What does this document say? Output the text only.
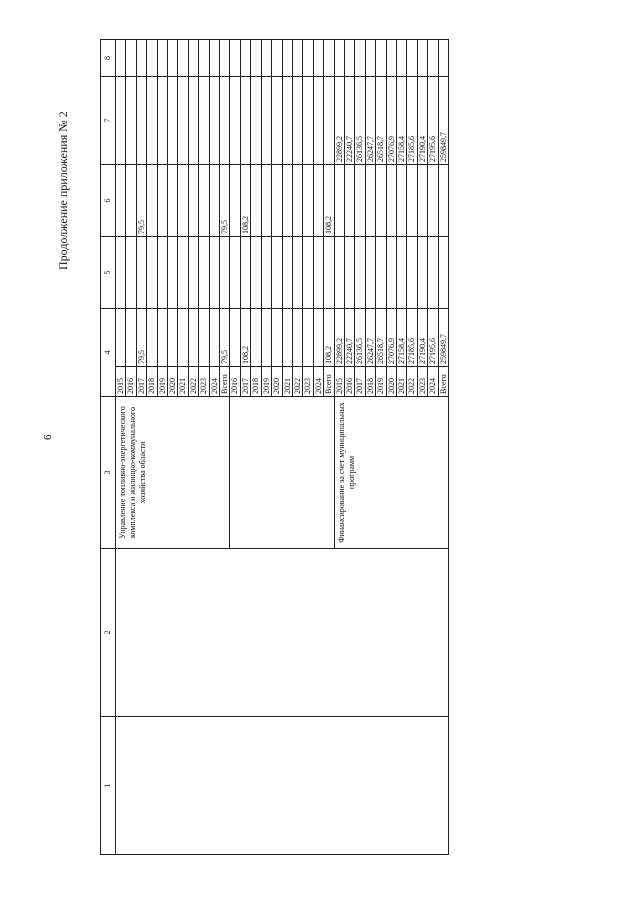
6
Продолжение приложения № 2
1	2	3	4		5	6	7	8
		Управление топливно-энергетического комплекса и жилищно-коммунального хозяйства области	2015					
			2016					
			2017	79,5		79,5		
			2018					
			2019					
			2020					
			2021					
			2022					
			2023					
			2024					
			Всего	79,5		79,5		
			2016					
			2017	108,2		108,2		
			2018					
			2019					
			2020					
			2021					
			2022					
			2023					
			2024					
			Всего	108,2		108,2		
		Финансирование за счет муниципальных программ	2015	22899,2			22899,2	
			2016	22240,7			22240,7	
			2017	26136,5			26136,5	
			2018	26247,7			26247,7	
			2019	26518,7			26518,7	
			2020	27076,9			27076,9	
			2021	27158,4			27158,4	
			2022	27185,6			27185,6	
			2023	27190,4			27190,4	
			2024	27195,6			27195,6	
			Всего	259849,7			259849,7	
